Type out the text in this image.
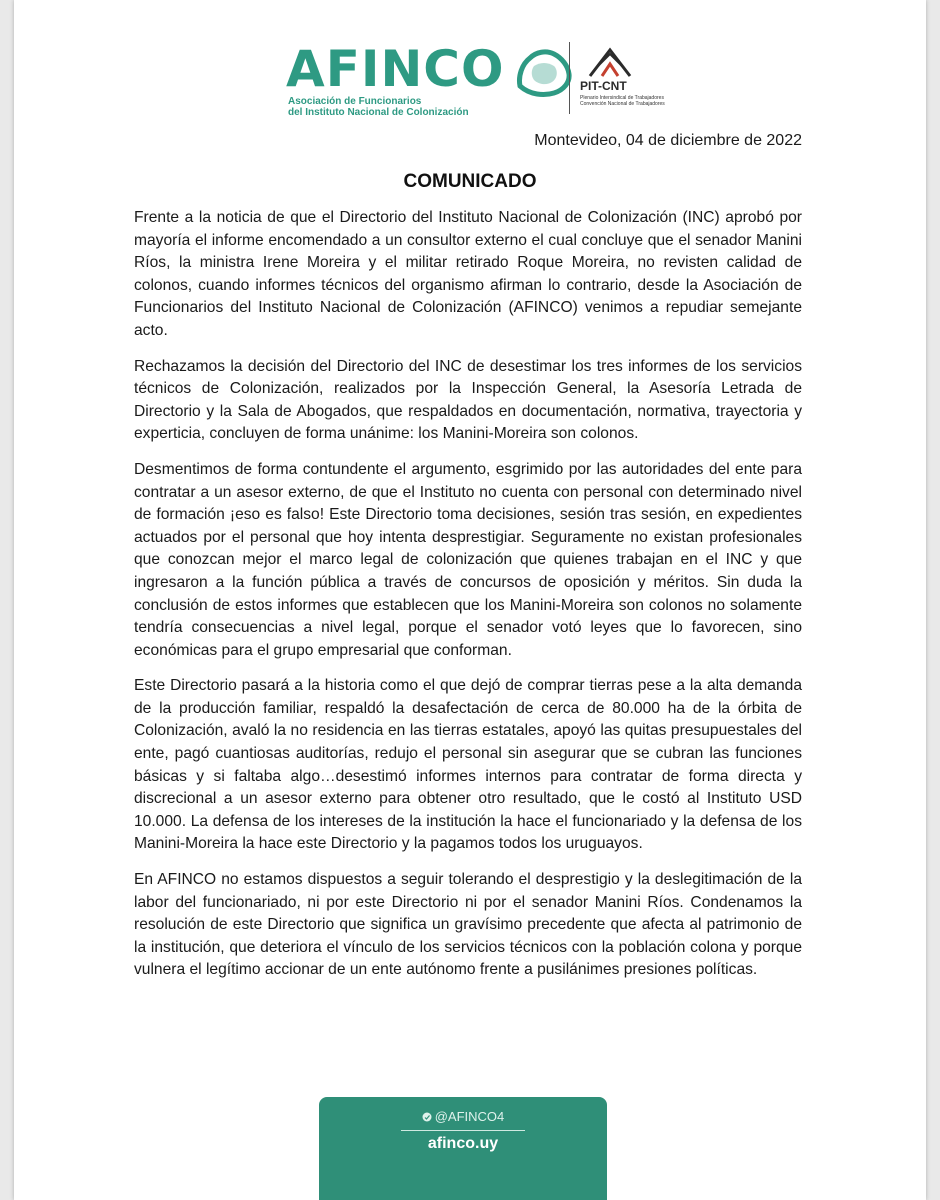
AFINCO
Asociación de Funcionarios
del Instituto Nacional de Colonización
PIT-CNT
Plenario Intersindical de Trabajadores
Convención Nacional de Trabajadores
Montevideo, 04 de diciembre de 2022
COMUNICADO

Frente a la noticia de que el Directorio del Instituto Nacional de Colonización (INC) aprobó por mayoría el informe encomendado a un consultor externo el cual concluye que el senador Manini Ríos, la ministra Irene Moreira y el militar retirado Roque Moreira, no revisten calidad de colonos, cuando informes técnicos del organismo afirman lo contrario, desde la Asociación de Funcionarios del Instituto Nacional de Colonización (AFINCO) venimos a repudiar semejante acto.

Rechazamos la decisión del Directorio del INC de desestimar los tres informes de los servicios técnicos de Colonización, realizados por la Inspección General, la Asesoría Letrada de Directorio y la Sala de Abogados, que respaldados en documentación, normativa, trayectoria y experticia, concluyen de forma unánime: los Manini-Moreira son colonos.

Desmentimos de forma contundente el argumento, esgrimido por las autoridades del ente para contratar a un asesor externo, de que el Instituto no cuenta con personal con determinado nivel de formación ¡eso es falso! Este Directorio toma decisiones, sesión tras sesión, en expedientes actuados por el personal que hoy intenta desprestigiar. Seguramente no existan profesionales que conozcan mejor el marco legal de colonización que quienes trabajan en el INC y que ingresaron a la función pública a través de concursos de oposición y méritos. Sin duda la conclusión de estos informes que establecen que los Manini-Moreira son colonos no solamente tendría consecuencias a nivel legal, porque el senador votó leyes que lo favorecen, sino económicas para el grupo empresarial que conforman.

Este Directorio pasará a la historia como el que dejó de comprar tierras pese a la alta demanda de la producción familiar, respaldó la desafectación de cerca de 80.000 ha de la órbita de Colonización, avaló la no residencia en las tierras estatales, apoyó las quitas presupuestales del ente, pagó cuantiosas auditorías, redujo el personal sin asegurar que se cubran las funciones básicas y si faltaba algo…desestimó informes internos para contratar de forma directa y discrecional a un asesor externo para obtener otro resultado, que le costó al Instituto USD 10.000. La defensa de los intereses de la institución la hace el funcionariado y la defensa de los Manini-Moreira la hace este Directorio y la pagamos todos los uruguayos.

En AFINCO no estamos dispuestos a seguir tolerando el desprestigio y la deslegitimación de la labor del funcionariado, ni por este Directorio ni por el senador Manini Ríos. Condenamos la resolución de este Directorio que significa un gravísimo precedente que afecta al patrimonio de la institución, que deteriora el vínculo de los servicios técnicos con la población colona y porque vulnera el legítimo accionar de un ente autónomo frente a pusilánimes presiones políticas.

@AFINCO4
afinco.uy
